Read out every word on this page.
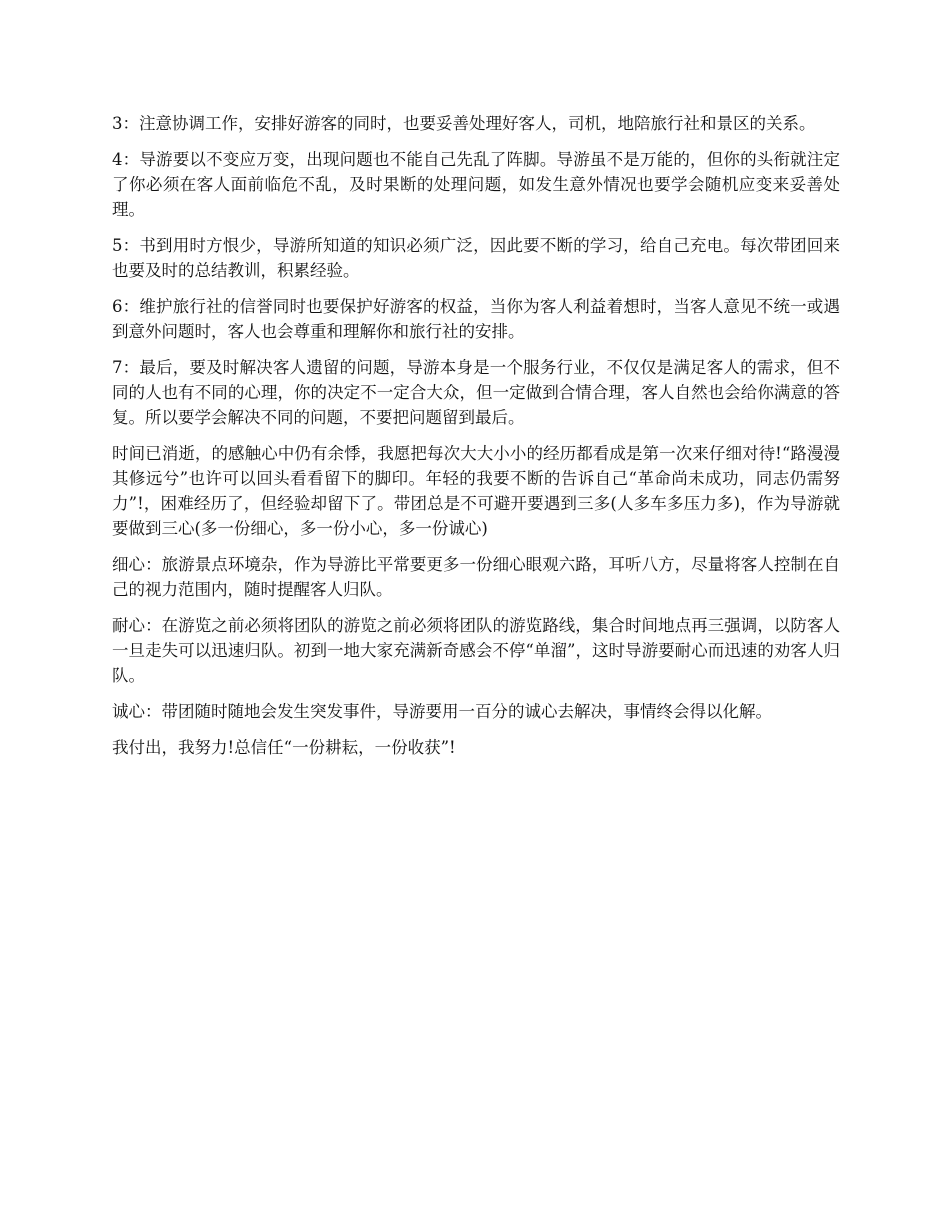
3：注意协调工作，安排好游客的同时，也要妥善处理好客人，司机，地陪旅行社和景区的关系。

4：导游要以不变应万变，出现问题也不能自己先乱了阵脚。导游虽不是万能的，但你的头衔就注定了你必须在客人面前临危不乱，及时果断的处理问题，如发生意外情况也要学会随机应变来妥善处理。

5：书到用时方恨少，导游所知道的知识必须广泛，因此要不断的学习，给自己充电。每次带团回来也要及时的总结教训，积累经验。

6：维护旅行社的信誉同时也要保护好游客的权益，当你为客人利益着想时，当客人意见不统一或遇到意外问题时，客人也会尊重和理解你和旅行社的安排。

7：最后，要及时解决客人遗留的问题，导游本身是一个服务行业，不仅仅是满足客人的需求，但不同的人也有不同的心理，你的决定不一定合大众，但一定做到合情合理，客人自然也会给你满意的答复。所以要学会解决不同的问题，不要把问题留到最后。

时间已消逝，的感触心中仍有余悸，我愿把每次大大小小的经历都看成是第一次来仔细对待!“路漫漫其修远兮”也许可以回头看看留下的脚印。年轻的我要不断的告诉自己“革命尚未成功，同志仍需努力”!，困难经历了，但经验却留下了。带团总是不可避开要遇到三多(人多车多压力多)，作为导游就要做到三心(多一份细心，多一份小心，多一份诚心)

细心：旅游景点环境杂，作为导游比平常要更多一份细心眼观六路，耳听八方，尽量将客人控制在自己的视力范围内，随时提醒客人归队。

耐心：在游览之前必须将团队的游览之前必须将团队的游览路线，集合时间地点再三强调，以防客人一旦走失可以迅速归队。初到一地大家充满新奇感会不停“单溜”，这时导游要耐心而迅速的劝客人归队。

诚心：带团随时随地会发生突发事件，导游要用一百分的诚心去解决，事情终会得以化解。

我付出，我努力!总信任“一份耕耘，一份收获”!
